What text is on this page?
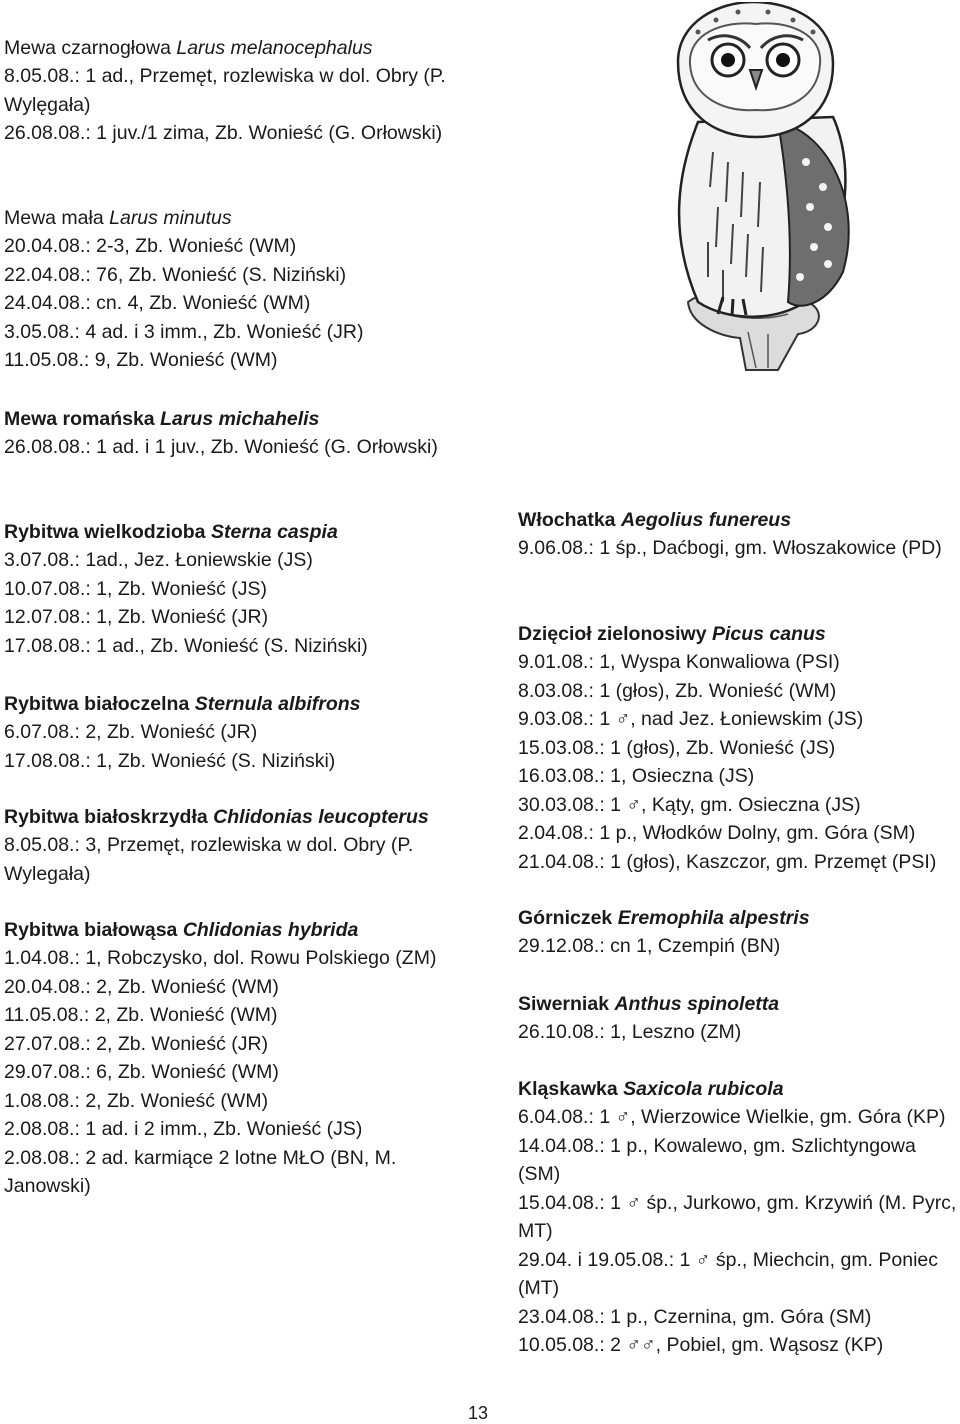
Mewa czarnogłowa Larus melanocephalus
8.05.08.: 1 ad., Przemęt, rozlewiska w dol. Obry (P. Wylęgała)
26.08.08.: 1 juv./1 zima, Zb. Wonieść (G. Orłowski)
Mewa mała Larus minutus
20.04.08.: 2-3, Zb. Wonieść (WM)
22.04.08.: 76, Zb. Wonieść (S. Niziński)
24.04.08.: cn. 4, Zb. Wonieść (WM)
3.05.08.: 4 ad. i 3 imm., Zb. Wonieść (JR)
11.05.08.: 9, Zb. Wonieść (WM)
Mewa romańska Larus michahelis
26.08.08.: 1 ad. i 1 juv., Zb. Wonieść (G. Orłowski)
Rybitwa wielkodzioba Sterna caspia
3.07.08.: 1ad., Jez. Łoniewskie (JS)
10.07.08.: 1, Zb. Wonieść (JS)
12.07.08.: 1, Zb. Wonieść (JR)
17.08.08.: 1 ad., Zb. Wonieść (S. Niziński)
Rybitwa białoczelna Sternula albifrons
6.07.08.: 2, Zb. Wonieść (JR)
17.08.08.: 1, Zb. Wonieść (S. Niziński)
Rybitwa białoskrzydła Chlidonias leucopterus
8.05.08.: 3, Przemęt, rozlewiska w dol. Obry (P. Wylegała)
Rybitwa białowąsa Chlidonias hybrida
1.04.08.: 1, Robczysko, dol. Rowu Polskiego (ZM)
20.04.08.: 2, Zb. Wonieść (WM)
11.05.08.: 2, Zb. Wonieść (WM)
27.07.08.: 2, Zb. Wonieść (JR)
29.07.08.: 6, Zb. Wonieść (WM)
1.08.08.: 2, Zb. Wonieść (WM)
2.08.08.: 1 ad. i 2 imm., Zb. Wonieść (JS)
2.08.08.: 2 ad. karmiące 2 lotne MŁO (BN, M. Janowski)
Włochatka Aegolius funereus
9.06.08.: 1 śp., Daćbogi, gm. Włoszakowice (PD)
Dzięcioł zielonosiwy Picus canus
9.01.08.: 1, Wyspa Konwaliowa (PSI)
8.03.08.: 1 (głos), Zb. Wonieść (WM)
9.03.08.: 1 ♂, nad Jez. Łoniewskim (JS)
15.03.08.: 1 (głos), Zb. Wonieść (JS)
16.03.08.: 1, Osieczna (JS)
30.03.08.: 1 ♂, Kąty, gm. Osieczna (JS)
2.04.08.: 1 p., Włodków Dolny, gm. Góra (SM)
21.04.08.: 1 (głos), Kaszczor, gm. Przemęt (PSI)
Górniczek Eremophila alpestris
29.12.08.: cn 1, Czempiń (BN)
Siwerniak Anthus spinoletta
26.10.08.: 1, Leszno (ZM)
Kląskawka Saxicola rubicola
6.04.08.: 1 ♂, Wierzowice Wielkie, gm. Góra (KP)
14.04.08.: 1 p., Kowalewo, gm. Szlichtyngowa (SM)
15.04.08.: 1 ♂ śp., Jurkowo, gm. Krzywiń (M. Pyrc, MT)
29.04. i 19.05.08.: 1 ♂ śp., Miechcin, gm. Poniec (MT)
23.04.08.: 1 p., Czernina, gm. Góra (SM)
10.05.08.: 2 ♂♂, Pobiel, gm. Wąsosz (KP)
13
